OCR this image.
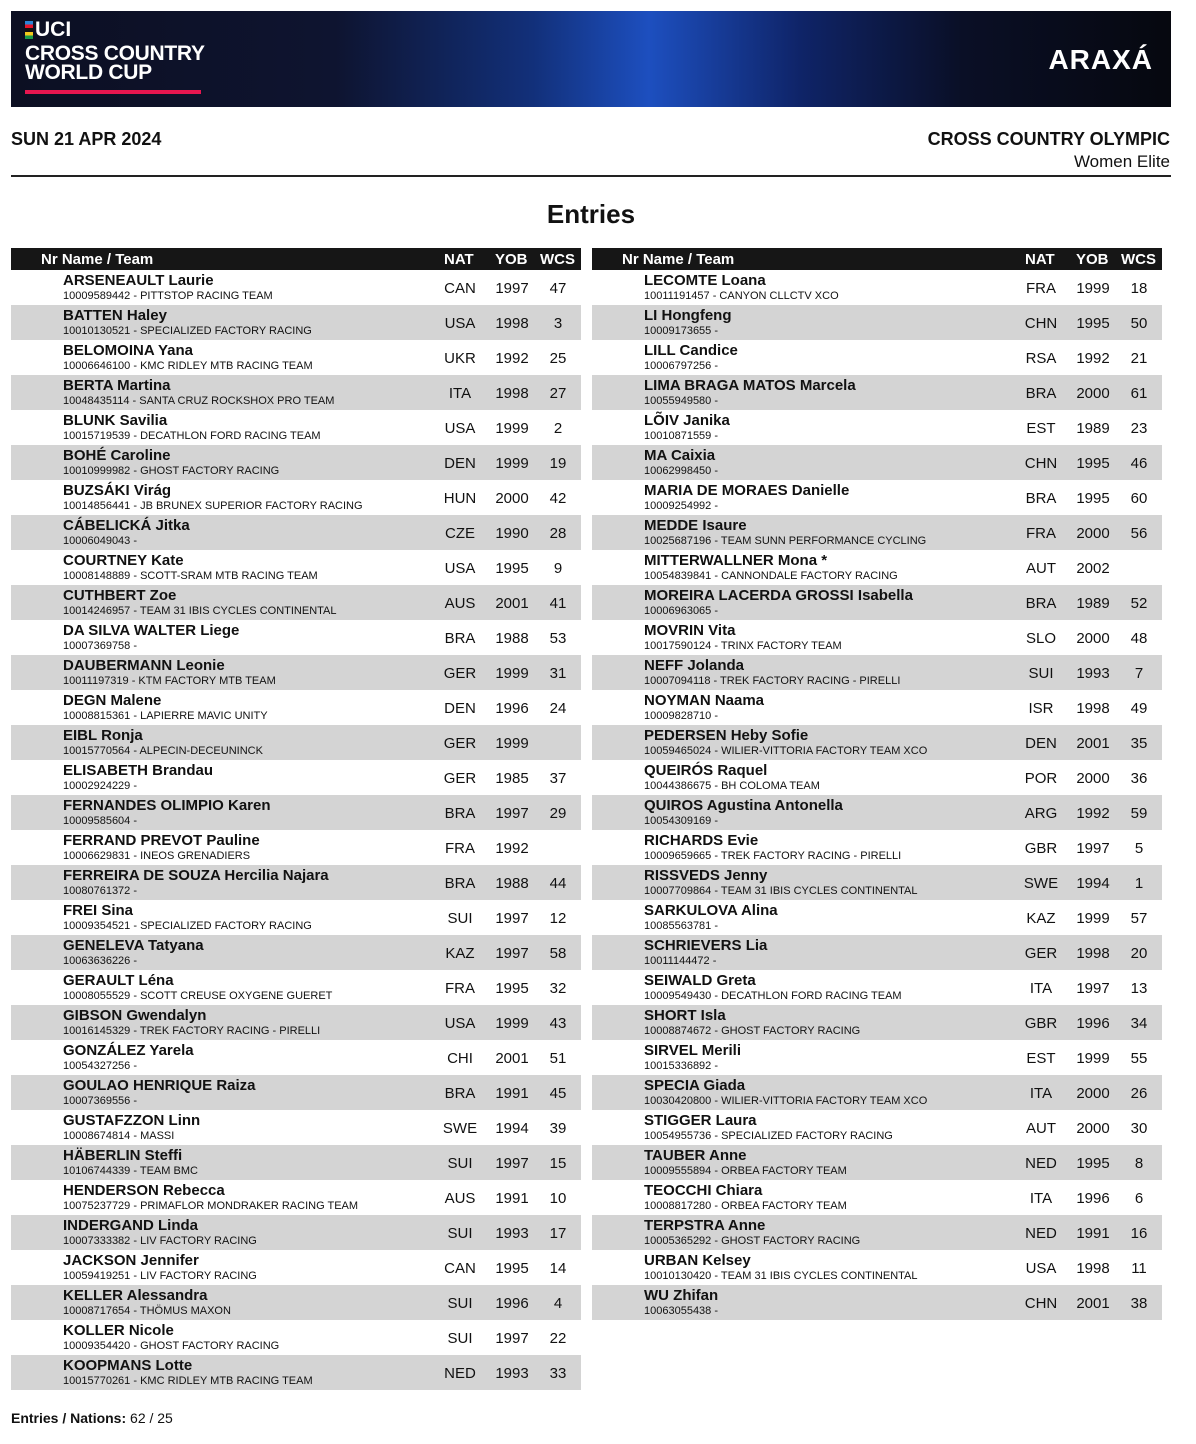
UCI
CROSS COUNTRY
WORLD CUP	ARAXÁ
SUN 21 APR 2024	CROSS COUNTRY OLYMPIC
Women Elite
Entries
Nr Name / Team	NAT YOB WCS
ARSENEAULT Laurie
10009589442 - PITTSTOP RACING TEAM	CAN	1997	47
BATTEN Haley
10010130521 - SPECIALIZED FACTORY RACING	USA	1998	3
BELOMOINA Yana
10006646100 - KMC RIDLEY MTB RACING TEAM	UKR	1992	25
BERTA Martina
10048435114 - SANTA CRUZ ROCKSHOX PRO TEAM	ITA	1998	27
BLUNK Savilia
10015719539 - DECATHLON FORD RACING TEAM	USA	1999	2
BOHÉ Caroline
10010999982 - GHOST FACTORY RACING	DEN	1999	19
BUZSÁKI Virág
10014856441 - JB BRUNEX SUPERIOR FACTORY RACING	HUN	2000	42
CÁBELICKÁ Jitka
10006049043 -	CZE	1990	28
COURTNEY Kate
10008148889 - SCOTT-SRAM MTB RACING TEAM	USA	1995	9
CUTHBERT Zoe
10014246957 - TEAM 31 IBIS CYCLES CONTINENTAL	AUS	2001	41
DA SILVA WALTER Liege
10007369758 -	BRA	1988	53
DAUBERMANN Leonie
10011197319 - KTM FACTORY MTB TEAM	GER	1999	31
DEGN Malene
10008815361 - LAPIERRE MAVIC UNITY	DEN	1996	24
EIBL Ronja
10015770564 - ALPECIN-DECEUNINCK	GER	1999
ELISABETH Brandau
10002924229 -	GER	1985	37
FERNANDES OLIMPIO Karen
10009585604 -	BRA	1997	29
FERRAND PREVOT Pauline
10006629831 - INEOS GRENADIERS	FRA	1992
FERREIRA DE SOUZA Hercilia Najara
10080761372 -	BRA	1988	44
FREI Sina
10009354521 - SPECIALIZED FACTORY RACING	SUI	1997	12
GENELEVA Tatyana
10063636226 -	KAZ	1997	58
GERAULT Léna
10008055529 - SCOTT CREUSE OXYGENE GUERET	FRA	1995	32
GIBSON Gwendalyn
10016145329 - TREK FACTORY RACING - PIRELLI	USA	1999	43
GONZÁLEZ Yarela
10054327256 -	CHI	2001	51
GOULAO HENRIQUE Raiza
10007369556 -	BRA	1991	45
GUSTAFZZON Linn
10008674814 - MASSI	SWE	1994	39
HÄBERLIN Steffi
10106744339 - TEAM BMC	SUI	1997	15
HENDERSON Rebecca
10075237729 - PRIMAFLOR MONDRAKER RACING TEAM	AUS	1991	10
INDERGAND Linda
10007333382 - LIV FACTORY RACING	SUI	1993	17
JACKSON Jennifer
10059419251 - LIV FACTORY RACING	CAN	1995	14
KELLER Alessandra
10008717654 - THÖMUS MAXON	SUI	1996	4
KOLLER Nicole
10009354420 - GHOST FACTORY RACING	SUI	1997	22
KOOPMANS Lotte
10015770261 - KMC RIDLEY MTB RACING TEAM	NED	1993	33
Nr Name / Team	NAT YOB WCS
LECOMTE Loana
10011191457 - CANYON CLLCTV XCO	FRA	1999	18
LI Hongfeng
10009173655 -	CHN	1995	50
LILL Candice
10006797256 -	RSA	1992	21
LIMA BRAGA MATOS Marcela
10055949580 -	BRA	2000	61
LÕIV Janika
10010871559 -	EST	1989	23
MA Caixia
10062998450 -	CHN	1995	46
MARIA DE MORAES Danielle
10009254992 -	BRA	1995	60
MEDDE Isaure
10025687196 - TEAM SUNN PERFORMANCE CYCLING	FRA	2000	56
MITTERWALLNER Mona *
10054839841 - CANNONDALE FACTORY RACING	AUT	2002
MOREIRA LACERDA GROSSI Isabella
10006963065 -	BRA	1989	52
MOVRIN Vita
10017590124 - TRINX FACTORY TEAM	SLO	2000	48
NEFF Jolanda
10007094118 - TREK FACTORY RACING - PIRELLI	SUI	1993	7
NOYMAN Naama
10009828710 -	ISR	1998	49
PEDERSEN Heby Sofie
10059465024 - WILIER-VITTORIA FACTORY TEAM XCO	DEN	2001	35
QUEIRÓS Raquel
10044386675 - BH COLOMA TEAM	POR	2000	36
QUIROS Agustina Antonella
10054309169 -	ARG	1992	59
RICHARDS Evie
10009659665 - TREK FACTORY RACING - PIRELLI	GBR	1997	5
RISSVEDS Jenny
10007709864 - TEAM 31 IBIS CYCLES CONTINENTAL	SWE	1994	1
SARKULOVA Alina
10085563781 -	KAZ	1999	57
SCHRIEVERS Lia
10011144472 -	GER	1998	20
SEIWALD Greta
10009549430 - DECATHLON FORD RACING TEAM	ITA	1997	13
SHORT Isla
10008874672 - GHOST FACTORY RACING	GBR	1996	34
SIRVEL Merili
10015336892 -	EST	1999	55
SPECIA Giada
10030420800 - WILIER-VITTORIA FACTORY TEAM XCO	ITA	2000	26
STIGGER Laura
10054955736 - SPECIALIZED FACTORY RACING	AUT	2000	30
TAUBER Anne
10009555894 - ORBEA FACTORY TEAM	NED	1995	8
TEOCCHI Chiara
10008817280 - ORBEA FACTORY TEAM	ITA	1996	6
TERPSTRA Anne
10005365292 - GHOST FACTORY RACING	NED	1991	16
URBAN Kelsey
10010130420 - TEAM 31 IBIS CYCLES CONTINENTAL	USA	1998	11
WU Zhifan
10063055438 -	CHN	2001	38
Entries / Nations: 62 / 25
